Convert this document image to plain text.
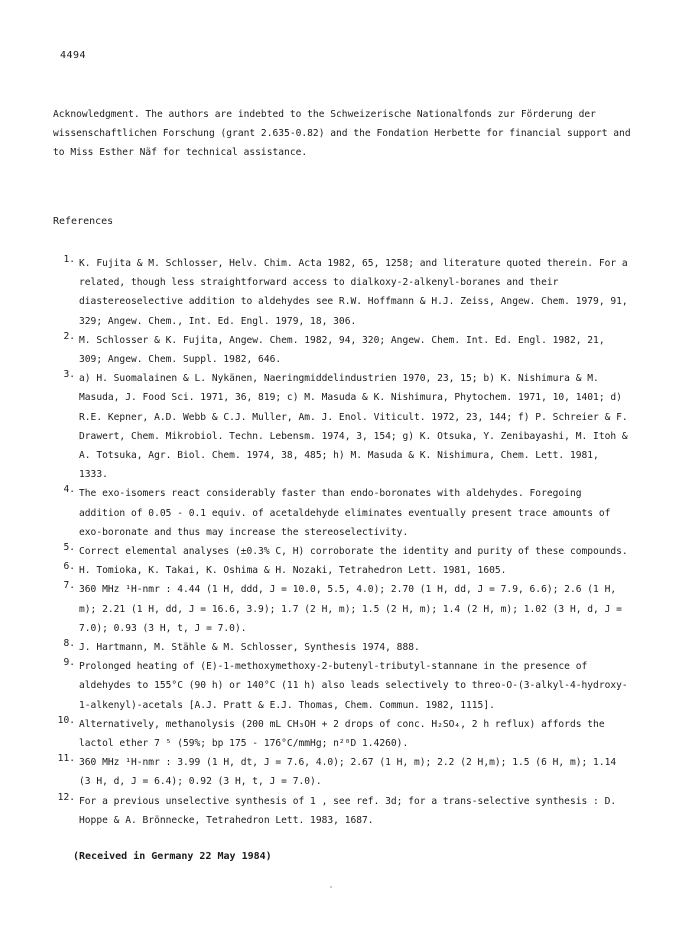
4494

Acknowledgment. The authors are indebted to the Schweizerische Nationalfonds zur Förderung der wissenschaftlichen Forschung (grant 2.635-0.82) and the Fondation Herbette for financial support and to Miss Esther Näf for technical assistance.

References
1. K. Fujita & M. Schlosser, Helv. Chim. Acta 1982, 65, 1258; and literature quoted therein. For a related, though less straightforward access to dialkoxy-2-alkenyl-boranes and their diastereoselective addition to aldehydes see R.W. Hoffmann & H.J. Zeiss, Angew. Chem. 1979, 91, 329; Angew. Chem., Int. Ed. Engl. 1979, 18, 306.
2. M. Schlosser & K. Fujita, Angew. Chem. 1982, 94, 320; Angew. Chem. Int. Ed. Engl. 1982, 21, 309; Angew. Chem. Suppl. 1982, 646.
3. a) H. Suomalainen & L. Nykänen, Naeringmiddelindustrien 1970, 23, 15; b) K. Nishimura & M. Masuda, J. Food Sci. 1971, 36, 819; c) M. Masuda & K. Nishimura, Phytochem. 1971, 10, 1401; d) R.E. Kepner, A.D. Webb & C.J. Muller, Am. J. Enol. Viticult. 1972, 23, 144; f) P. Schreier & F. Drawert, Chem. Mikrobiol. Techn. Lebensm. 1974, 3, 154; g) K. Otsuka, Y. Zenibayashi, M. Itoh & A. Totsuka, Agr. Biol. Chem. 1974, 38, 485; h) M. Masuda & K. Nishimura, Chem. Lett. 1981, 1333.
4. The exo-isomers react considerably faster than endo-boronates with aldehydes. Foregoing addition of 0.05 - 0.1 equiv. of acetaldehyde eliminates eventually present trace amounts of exo-boronate and thus may increase the stereoselectivity.
5. Correct elemental analyses (±0.3% C, H) corroborate the identity and purity of these compounds.
6. H. Tomioka, K. Takai, K. Oshima & H. Nozaki, Tetrahedron Lett. 1981, 1605.
7. 360 MHz ¹H-nmr : 4.44 (1 H, ddd, J = 10.0, 5.5, 4.0); 2.70 (1 H, dd, J = 7.9, 6.6); 2.6 (1 H, m); 2.21 (1 H, dd, J = 16.6, 3.9); 1.7 (2 H, m); 1.5 (2 H, m); 1.4 (2 H, m); 1.02 (3 H, d, J = 7.0); 0.93 (3 H, t, J = 7.0).
8. J. Hartmann, M. Stähle & M. Schlosser, Synthesis 1974, 888.
9. Prolonged heating of (E)-1-methoxymethoxy-2-butenyl-tributyl-stannane in the presence of aldehydes to 155°C (90 h) or 140°C (11 h) also leads selectively to threo-O-(3-alkyl-4-hydroxy-1-alkenyl)-acetals [A.J. Pratt & E.J. Thomas, Chem. Commun. 1982, 1115].
10. Alternatively, methanolysis (200 mL CH₃OH + 2 drops of conc. H₂SO₄, 2 h reflux) affords the lactol ether 7 ⁵ (59%; bp 175 - 176°C/mmHg; n²⁰D 1.4260).
11. 360 MHz ¹H-nmr : 3.99 (1 H, dt, J = 7.6, 4.0); 2.67 (1 H, m); 2.2 (2 H,m); 1.5 (6 H, m); 1.14 (3 H, d, J = 6.4); 0.92 (3 H, t, J = 7.0).
12. For a previous unselective synthesis of 1 , see ref. 3d; for a trans-selective synthesis : D. Hoppe & A. Brönnecke, Tetrahedron Lett. 1983, 1687.
(Received in Germany 22 May 1984)
